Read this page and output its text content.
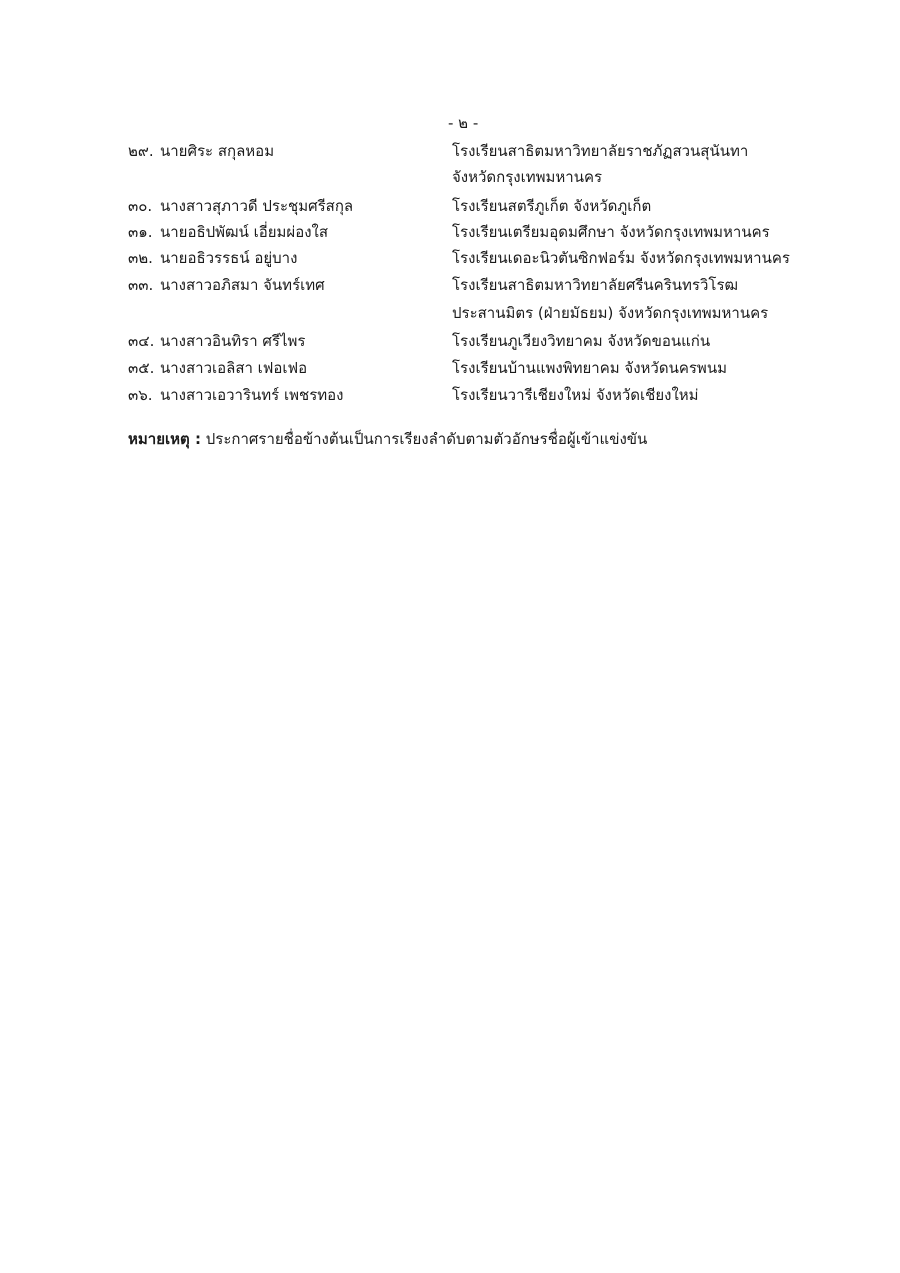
- ๒ -
๒๙. นายศิระ สกุลหอม	โรงเรียนสาธิตมหาวิทยาลัยราชภัฏสวนสุนันทา
จังหวัดกรุงเทพมหานคร
๓๐. นางสาวสุภาวดี ประชุมศรีสกุล	โรงเรียนสตรีภูเก็ต จังหวัดภูเก็ต
๓๑. นายอธิปพัฒน์ เอี่ยมผ่องใส	โรงเรียนเตรียมอุดมศึกษา จังหวัดกรุงเทพมหานคร
๓๒. นายอธิวรรธน์ อยู่บาง	โรงเรียนเดอะนิวตันซิกฟอร์ม จังหวัดกรุงเทพมหานคร
๓๓. นางสาวอภิสมา จันทร์เทศ	โรงเรียนสาธิตมหาวิทยาลัยศรีนครินทรวิโรฒ
ประสานมิตร (ฝ่ายมัธยม) จังหวัดกรุงเทพมหานคร
๓๔. นางสาวอินทิรา ศรีไพร	โรงเรียนภูเวียงวิทยาคม จังหวัดขอนแก่น
๓๕. นางสาวเอลิสา เฟอเฟอ	โรงเรียนบ้านแพงพิทยาคม จังหวัดนครพนม
๓๖. นางสาวเอวารินทร์ เพชรทอง	โรงเรียนวารีเชียงใหม่ จังหวัดเชียงใหม่
หมายเหตุ : ประกาศรายชื่อข้างต้นเป็นการเรียงลำดับตามตัวอักษรชื่อผู้เข้าแข่งขัน
